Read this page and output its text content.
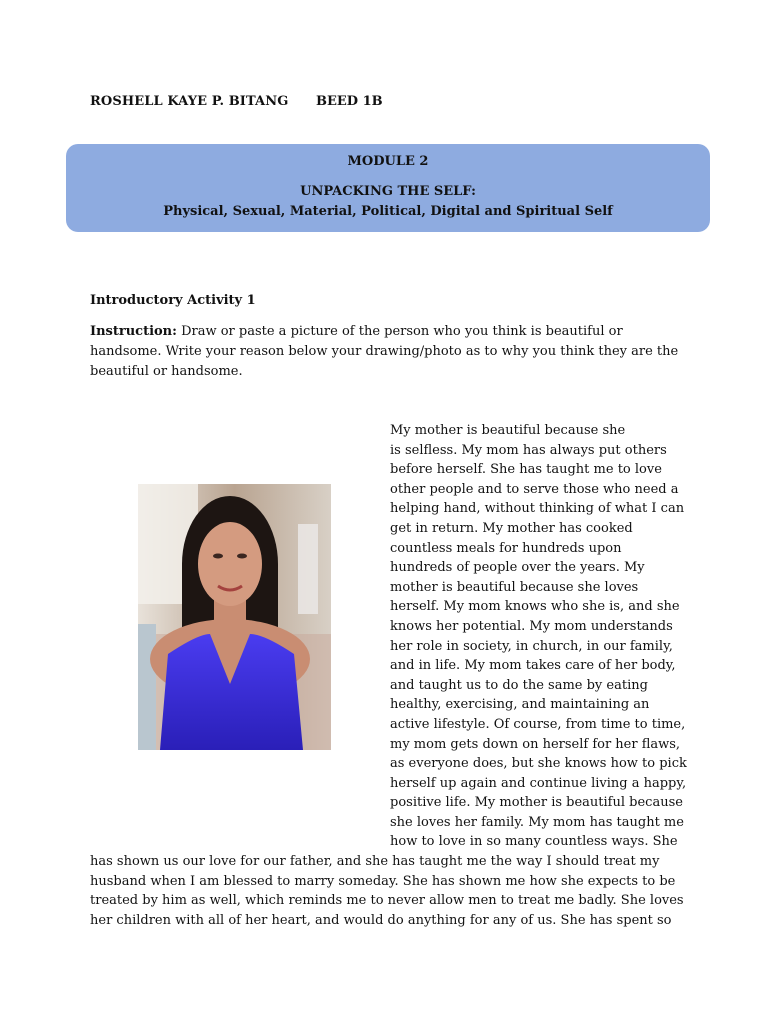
ROSHELL KAYE P. BITANG BEED 1B
MODULE 2
UNPACKING THE SELF:
Physical, Sexual, Material, Political, Digital and Spiritual Self
Introductory Activity 1
Instruction: Draw or paste a picture of the person who you think is beautiful or handsome. Write your reason below your drawing/photo as to why you think they are the beautiful or handsome.
My mother is beautiful because she
is selfless. My mom has always put others
before herself. She has taught me to love
other people and to serve those who need a
helping hand, without thinking of what I can
get in return. My mother has cooked
countless meals for hundreds upon
hundreds of people over the years. My
mother is beautiful because she loves
herself. My mom knows who she is, and she
knows her potential. My mom understands
her role in society, in church, in our family,
and in life. My mom takes care of her body,
and taught us to do the same by eating
healthy, exercising, and maintaining an
active lifestyle. Of course, from time to time,
my mom gets down on herself for her flaws,
as everyone does, but she knows how to pick
herself up again and continue living a happy,
positive life. My mother is beautiful because
she loves her family. My mom has taught me
how to love in so many countless ways. She
has shown us our love for our father, and she has taught me the way I should treat my
husband when I am blessed to marry someday. She has shown me how she expects to be
treated by him as well, which reminds me to never allow men to treat me badly. She loves
her children with all of her heart, and would do anything for any of us. She has spent so
